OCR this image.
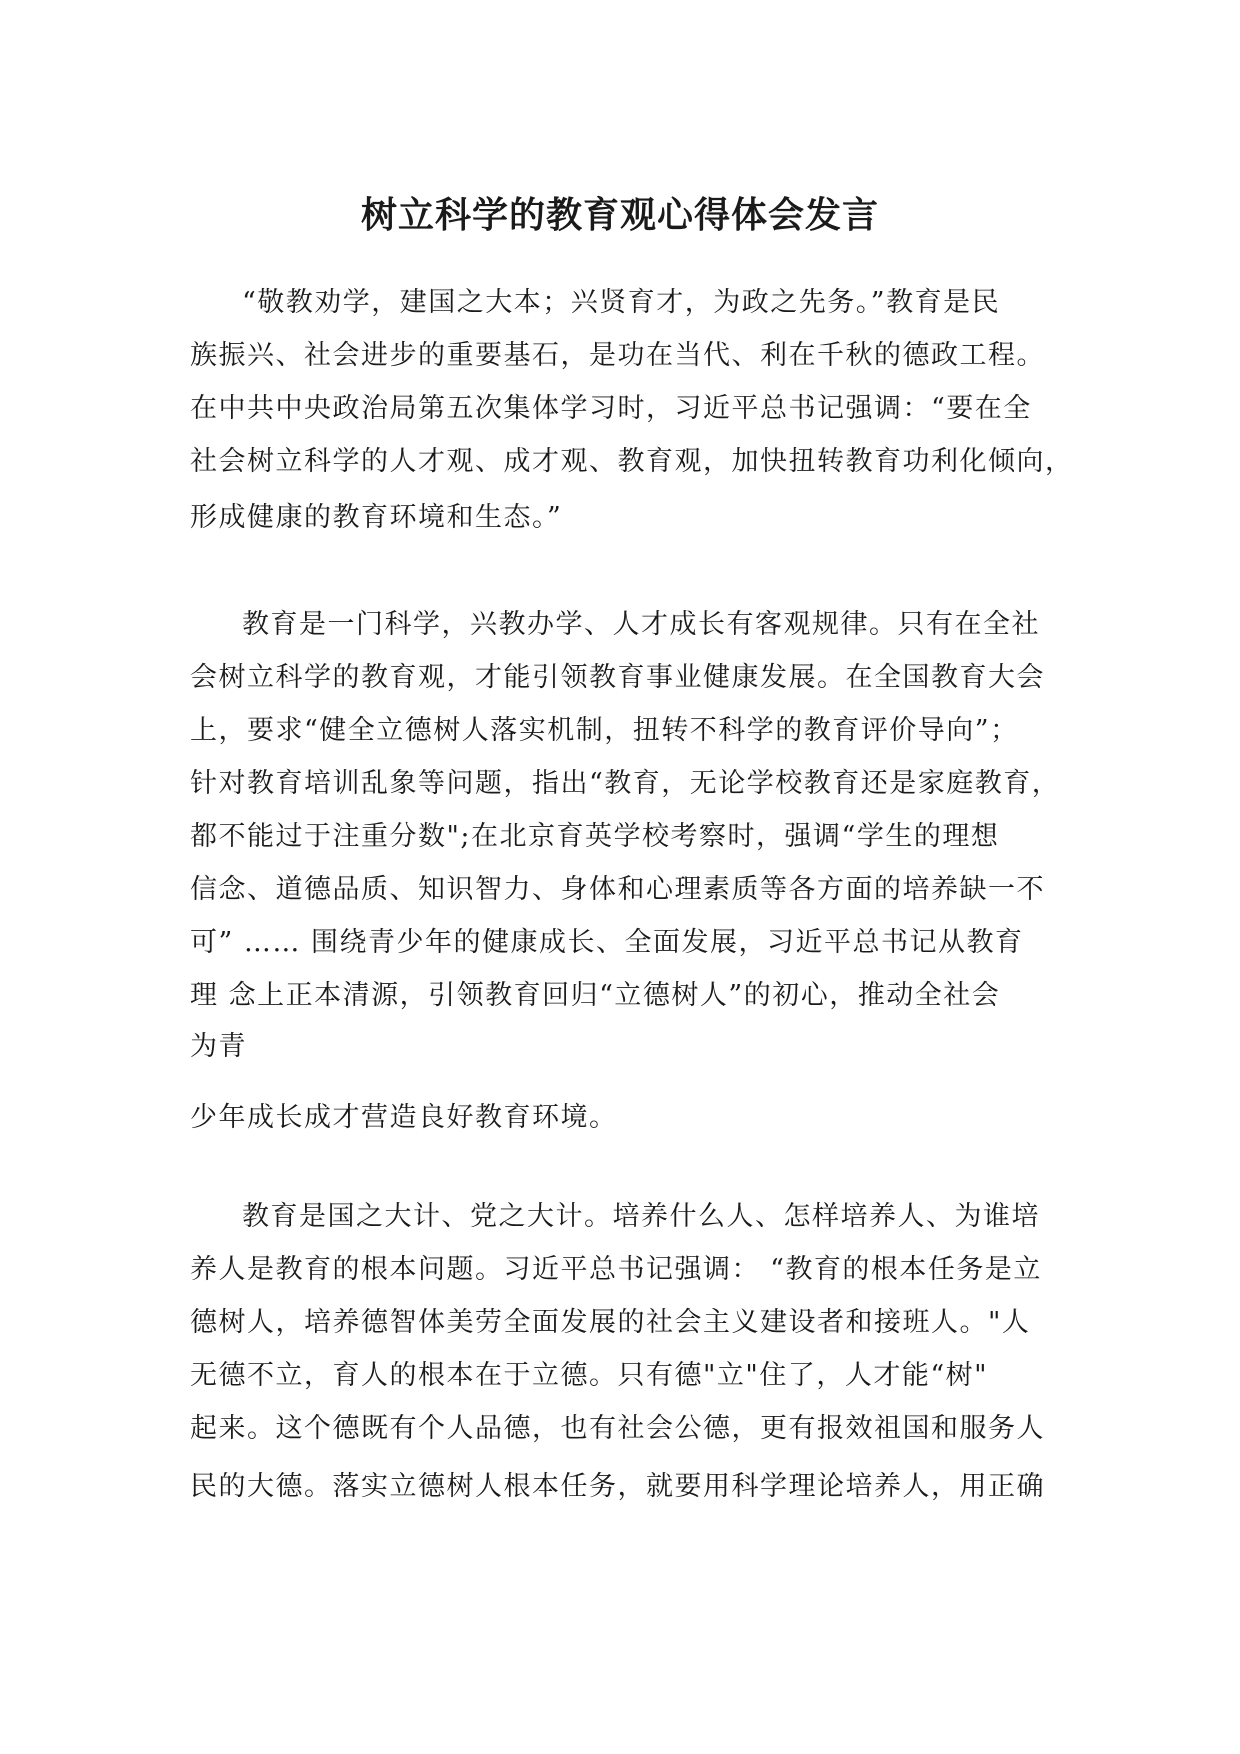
树立科学的教育观心得体会发言
“敬教劝学，建国之大本；兴贤育才，为政之先务。”教育是民
族振兴、社会进步的重要基石，是功在当代、利在千秋的德政工程。
在中共中央政治局第五次集体学习时，习近平总书记强调：“要在全
社会树立科学的人才观、成才观、教育观，加快扭转教育功利化倾向，
形成健康的教育环境和生态。”
教育是一门科学，兴教办学、人才成长有客观规律。只有在全社
会树立科学的教育观，才能引领教育事业健康发展。在全国教育大会
上，要求“健全立德树人落实机制，扭转不科学的教育评价导向”；
针对教育培训乱象等问题，指出“教育，无论学校教育还是家庭教育，
都不能过于注重分数";在北京育英学校考察时，强调“学生的理想
信念、道德品质、知识智力、身体和心理素质等各方面的培养缺一不
可” …… 围绕青少年的健康成长、全面发展，习近平总书记从教育
理 念上正本清源，引领教育回归“立德树人”的初心，推动全社会
为青
少年成长成才营造良好教育环境。
教育是国之大计、党之大计。培养什么人、怎样培养人、为谁培
养人是教育的根本问题。习近平总书记强调： “教育的根本任务是立
德树人，培养德智体美劳全面发展的社会主义建设者和接班人。"人
无德不立，育人的根本在于立德。只有德"立"住了，人才能“树"
起来。这个德既有个人品德，也有社会公德，更有报效祖国和服务人
民的大德。落实立德树人根本任务，就要用科学理论培养人，用正确
